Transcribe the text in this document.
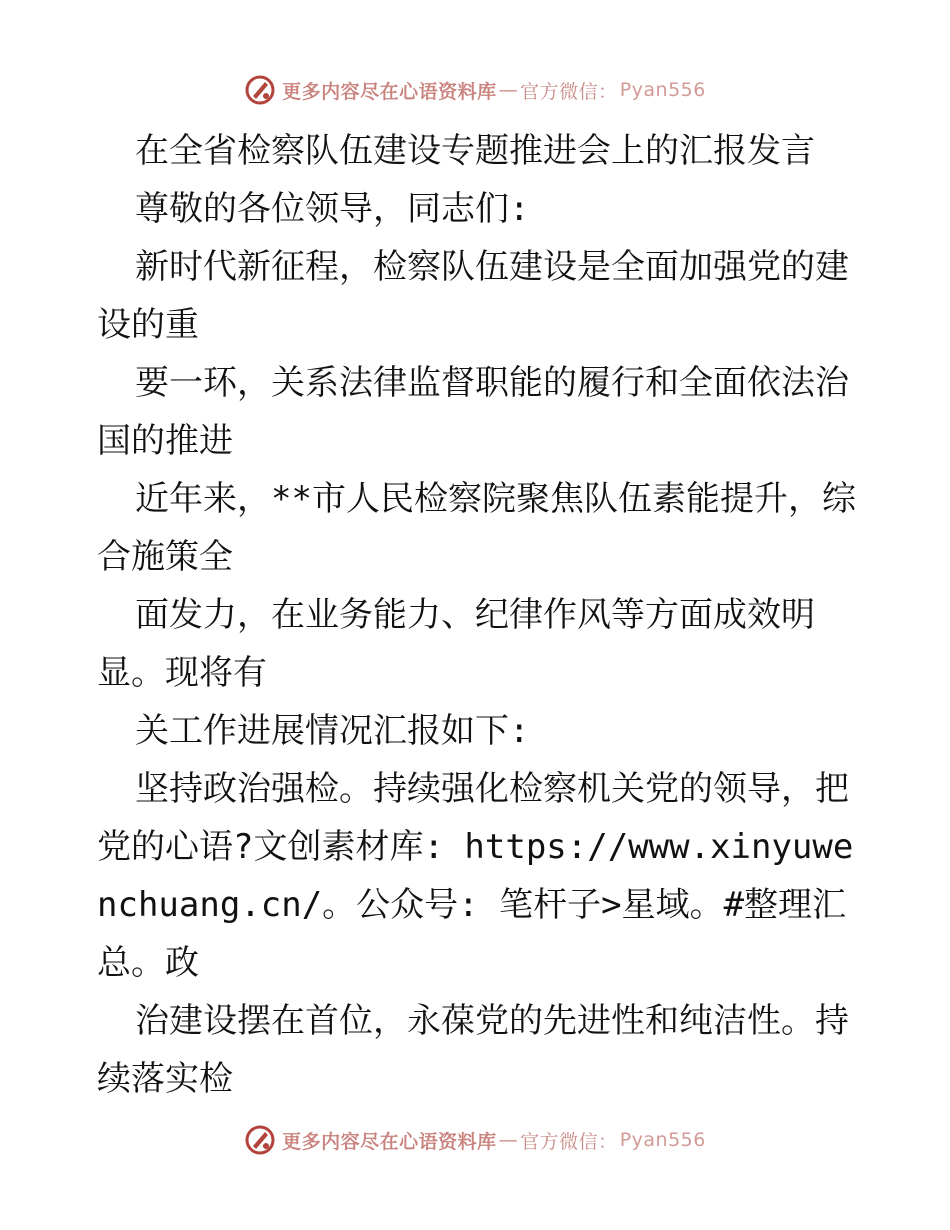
更多内容尽在心语资料库 — 官方微信： Pyan556

在全省检察队伍建设专题推进会上的汇报发言

尊敬的各位领导，同志们:

新时代新征程，检察队伍建设是全面加强党的建设的重

要一环，关系法律监督职能的履行和全面依法治国的推进

近年来，**市人民检察院聚焦队伍素能提升，综合施策全

面发力，在业务能力、纪律作风等方面成效明显。现将有

关工作进展情况汇报如下:

坚持政治强检。持续强化检察机关党的领导，把党的心语?文创素材库: https://www.xinyuwenchuang.cn/。公众号: 笔杆子>星域。#整理汇总。政

治建设摆在首位，永葆党的先进性和纯洁性。持续落实检

更多内容尽在心语资料库 — 官方微信： Pyan556
